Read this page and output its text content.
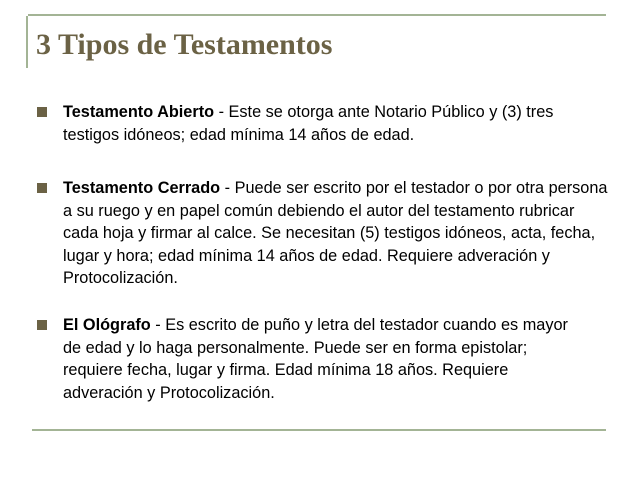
3 Tipos de Testamentos

Testamento Abierto - Este se otorga ante Notario Público y (3) tres testigos idóneos; edad mínima 14 años de edad.

Testamento Cerrado - Puede ser escrito por el testador o por otra persona a su ruego y en papel común debiendo el autor del testamento rubricar cada hoja y firmar al calce. Se necesitan (5) testigos idóneos, acta, fecha, lugar y hora; edad mínima 14 años de edad. Requiere adveración y Protocolización.

El Ológrafo - Es escrito de puño y letra del testador cuando es mayor de edad y lo haga personalmente. Puede ser en forma epistolar; requiere fecha, lugar y firma. Edad mínima 18 años. Requiere adveración y Protocolización.
